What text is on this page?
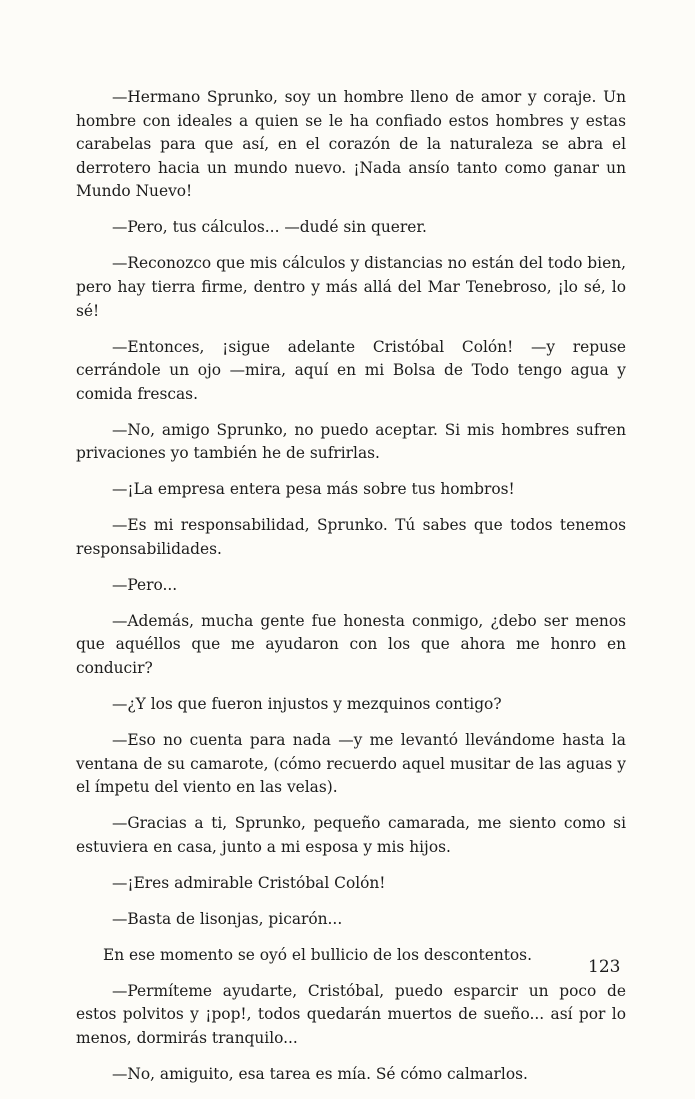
—Hermano Sprunko, soy un hombre lleno de amor y coraje. Un hombre con ideales a quien se le ha confiado estos hombres y estas carabelas para que así, en el corazón de la naturaleza se abra el derrotero hacia un mundo nuevo. ¡Nada ansío tanto como ganar un Mundo Nuevo!

—Pero, tus cálculos... —dudé sin querer.

—Reconozco que mis cálculos y distancias no están del todo bien, pero hay tierra firme, dentro y más allá del Mar Tenebroso, ¡lo sé, lo sé!

—Entonces, ¡sigue adelante Cristóbal Colón! —y repuse cerrándole un ojo —mira, aquí en mi Bolsa de Todo tengo agua y comida frescas.

—No, amigo Sprunko, no puedo aceptar. Si mis hombres sufren privaciones yo también he de sufrirlas.

—¡La empresa entera pesa más sobre tus hombros!

—Es mi responsabilidad, Sprunko. Tú sabes que todos tenemos responsabilidades.

—Pero...

—Además, mucha gente fue honesta conmigo, ¿debo ser menos que aquéllos que me ayudaron con los que ahora me honro en conducir?

—¿Y los que fueron injustos y mezquinos contigo?

—Eso no cuenta para nada —y me levantó llevándome hasta la ventana de su camarote, (cómo recuerdo aquel musitar de las aguas y el ímpetu del viento en las velas).

—Gracias a ti, Sprunko, pequeño camarada, me siento como si estuviera en casa, junto a mi esposa y mis hijos.

—¡Eres admirable Cristóbal Colón!

—Basta de lisonjas, picarón...

En ese momento se oyó el bullicio de los descontentos.

—Permíteme ayudarte, Cristóbal, puedo esparcir un poco de estos polvitos y ¡pop!, todos quedarán muertos de sueño... así por lo menos, dormirás tranquilo...

—No, amiguito, esa tarea es mía. Sé cómo calmarlos.

123
